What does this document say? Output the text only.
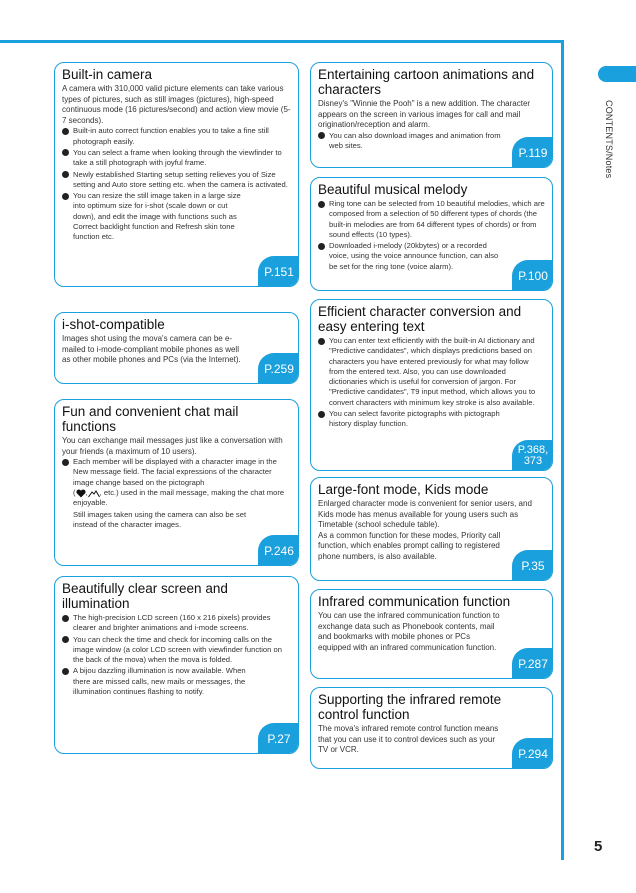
CONTENTS/Notes
5
Built-in camera

A camera with 310,000 valid picture elements can take various types of pictures, such as still images (pictures), high-speed continuous mode (16 pictures/second) and action view movie (5-7 seconds).

Built-in auto correct function enables you to take a fine still photograph easily.
You can select a frame when looking through the viewfinder to take a still photograph with joyful frame.
Newly established Starting setup setting relieves you of Size setting and Auto store setting etc. when the camera is activated.
You can resize the still image taken in a large size into optimum size for i-shot (scale down or cut down), and edit the image with functions such as Correct backlight function and Refresh skin tone function etc.
P.151
i-shot-compatible

Images shot using the mova's camera can be e-mailed to i-mode-compliant mobile phones as well as other mobile phones and PCs (via the Internet).

P.259
Fun and convenient chat mail functions

You can exchange mail messages just like a conversation with your friends (a maximum of 10 users).

Each member will be displayed with a character image in the New message field. The facial expressions of the character image change based on the pictograph
( , , etc.) used in the mail message, making the chat more enjoyable.

Still images taken using the camera can also be set instead of the character images.

P.246
Beautifully clear screen and illumination
The high-precision LCD screen (160 x 216 pixels) provides clearer and brighter animations and i-mode screens.
You can check the time and check for incoming calls on the image window (a color LCD screen with viewfinder function on the back of the mova) when the mova is folded.
A bijou dazzling illumination is now available. When there are missed calls, new mails or messages, the illumination continues flashing to notify.
P.27
Entertaining cartoon animations and characters

Disney's "Winnie the Pooh" is a new addition. The character appears on the screen in various images for call and mail origination/reception and alarm.

You can also download images and animation from web sites.	P.119
Beautiful musical melody
Ring tone can be selected from 10 beautiful melodies, which are composed from a selection of 50 different types of chords (the built-in melodies are from 64 different types of chords) or from sound effects (10 types).
Downloaded i-melody (20kbytes) or a recorded voice, using the voice announce function, can also be set for the ring tone (voice alarm).
P.100
Efficient character conversion and easy entering text
You can enter text efficiently with the built-in AI dictionary and "Predictive candidates", which displays predictions based on characters you have entered previously for what may follow from the entered text. Also, you can use downloaded dictionaries which is useful for conversion of jargon. For "Predictive candidates", T9 input method, which allows you to convert characters with minimum key stroke is also available.
You can select favorite pictographs with pictograph history display function.
P.368,
373
Large-font mode, Kids mode

Enlarged character mode is convenient for senior users, and Kids mode has menus available for young users such as Timetable (school schedule table).

As a common function for these modes, Priority call function, which enables prompt calling to registered phone numbers, is also available.

P.35
Infrared communication function

You can use the infrared communication function to exchange data such as Phonebook contents, mail and bookmarks with mobile phones or PCs equipped with an infrared communication function.

P.287
Supporting the infrared remote control function

The mova's infrared remote control function means that you can use it to control devices such as your TV or VCR.	P.294
